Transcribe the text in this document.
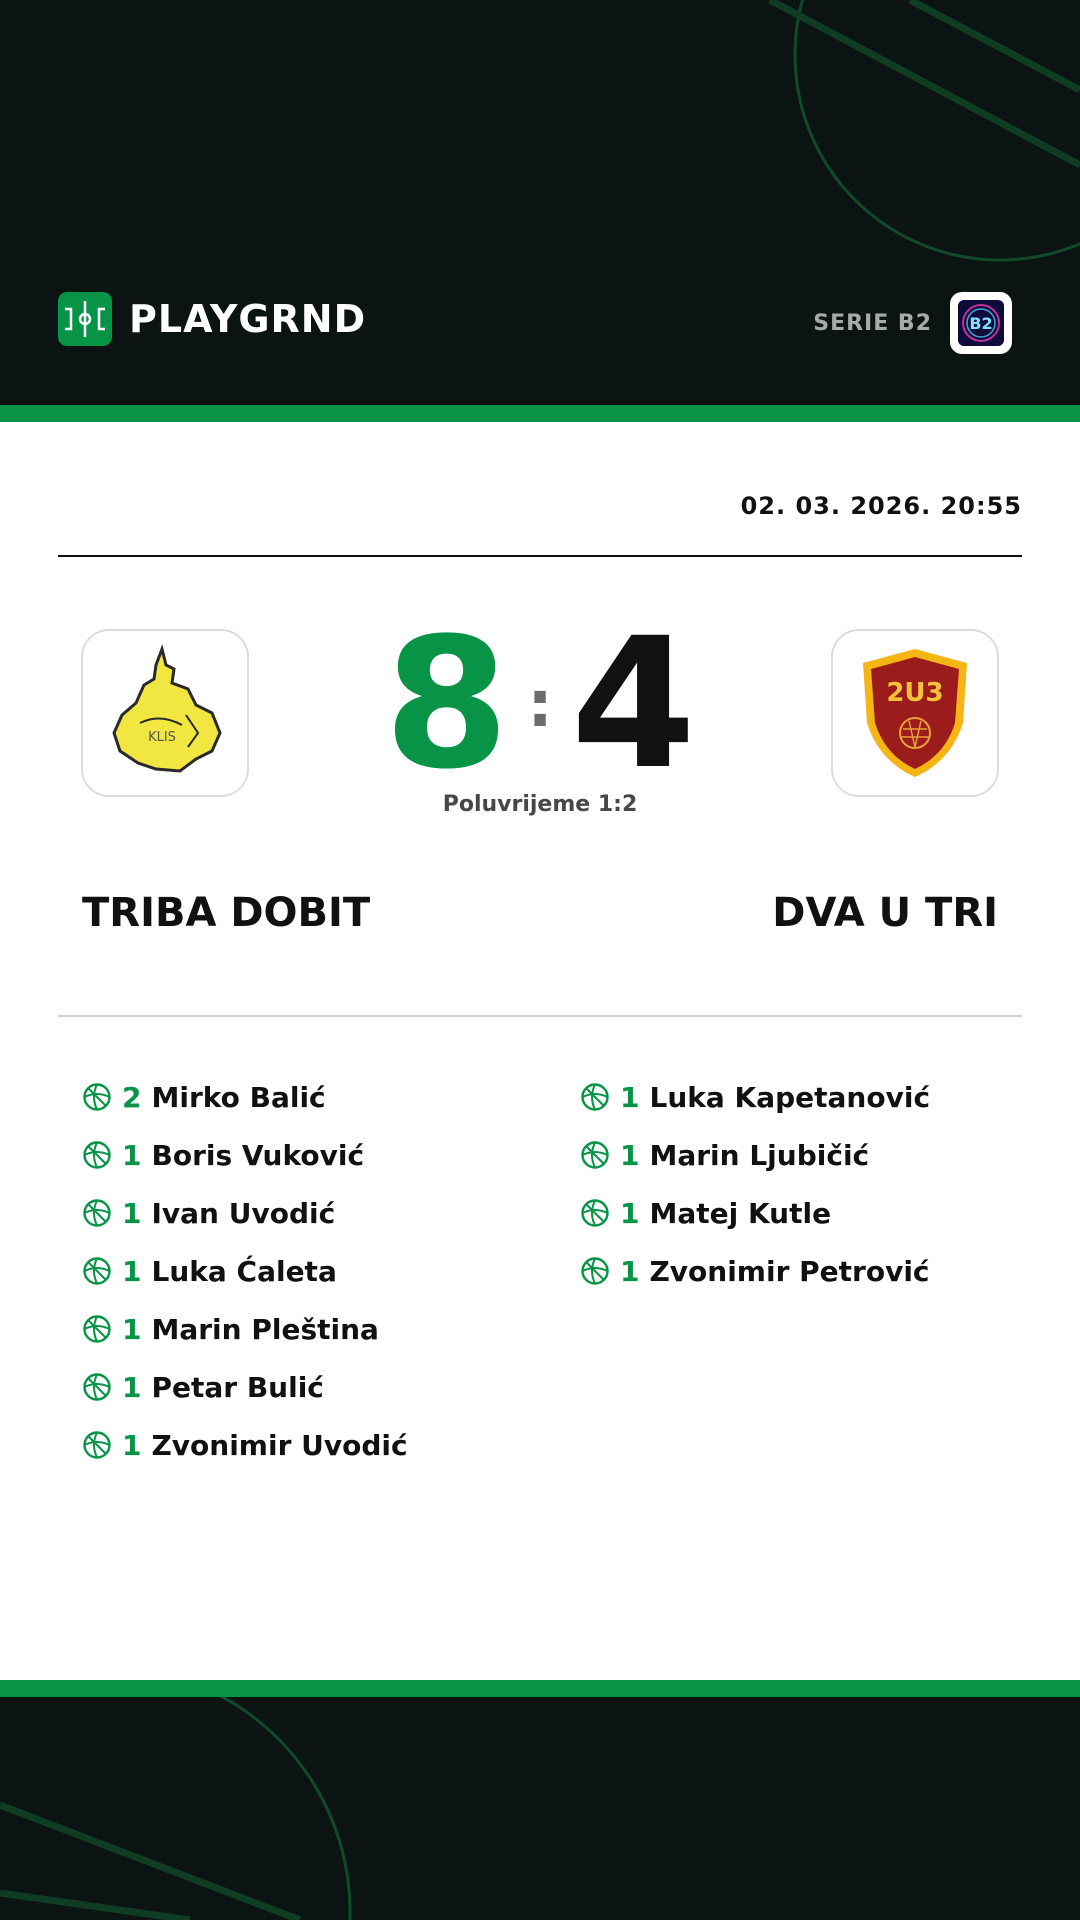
PLAYGRND	SERIE B2 B2
02. 03. 2026. 20:55
KLIS	8 : 4
Poluvrijeme 1:2
2U3
TRIBA DOBIT	DVA U TRI
2 Mirko Balić
1 Boris Vuković
1 Ivan Uvodić
1 Luka Ćaleta
1 Marin Pleština
1 Petar Bulić
1 Zvonimir Uvodić
1 Luka Kapetanović
1 Marin Ljubičić
1 Matej Kutle
1 Zvonimir Petrović
